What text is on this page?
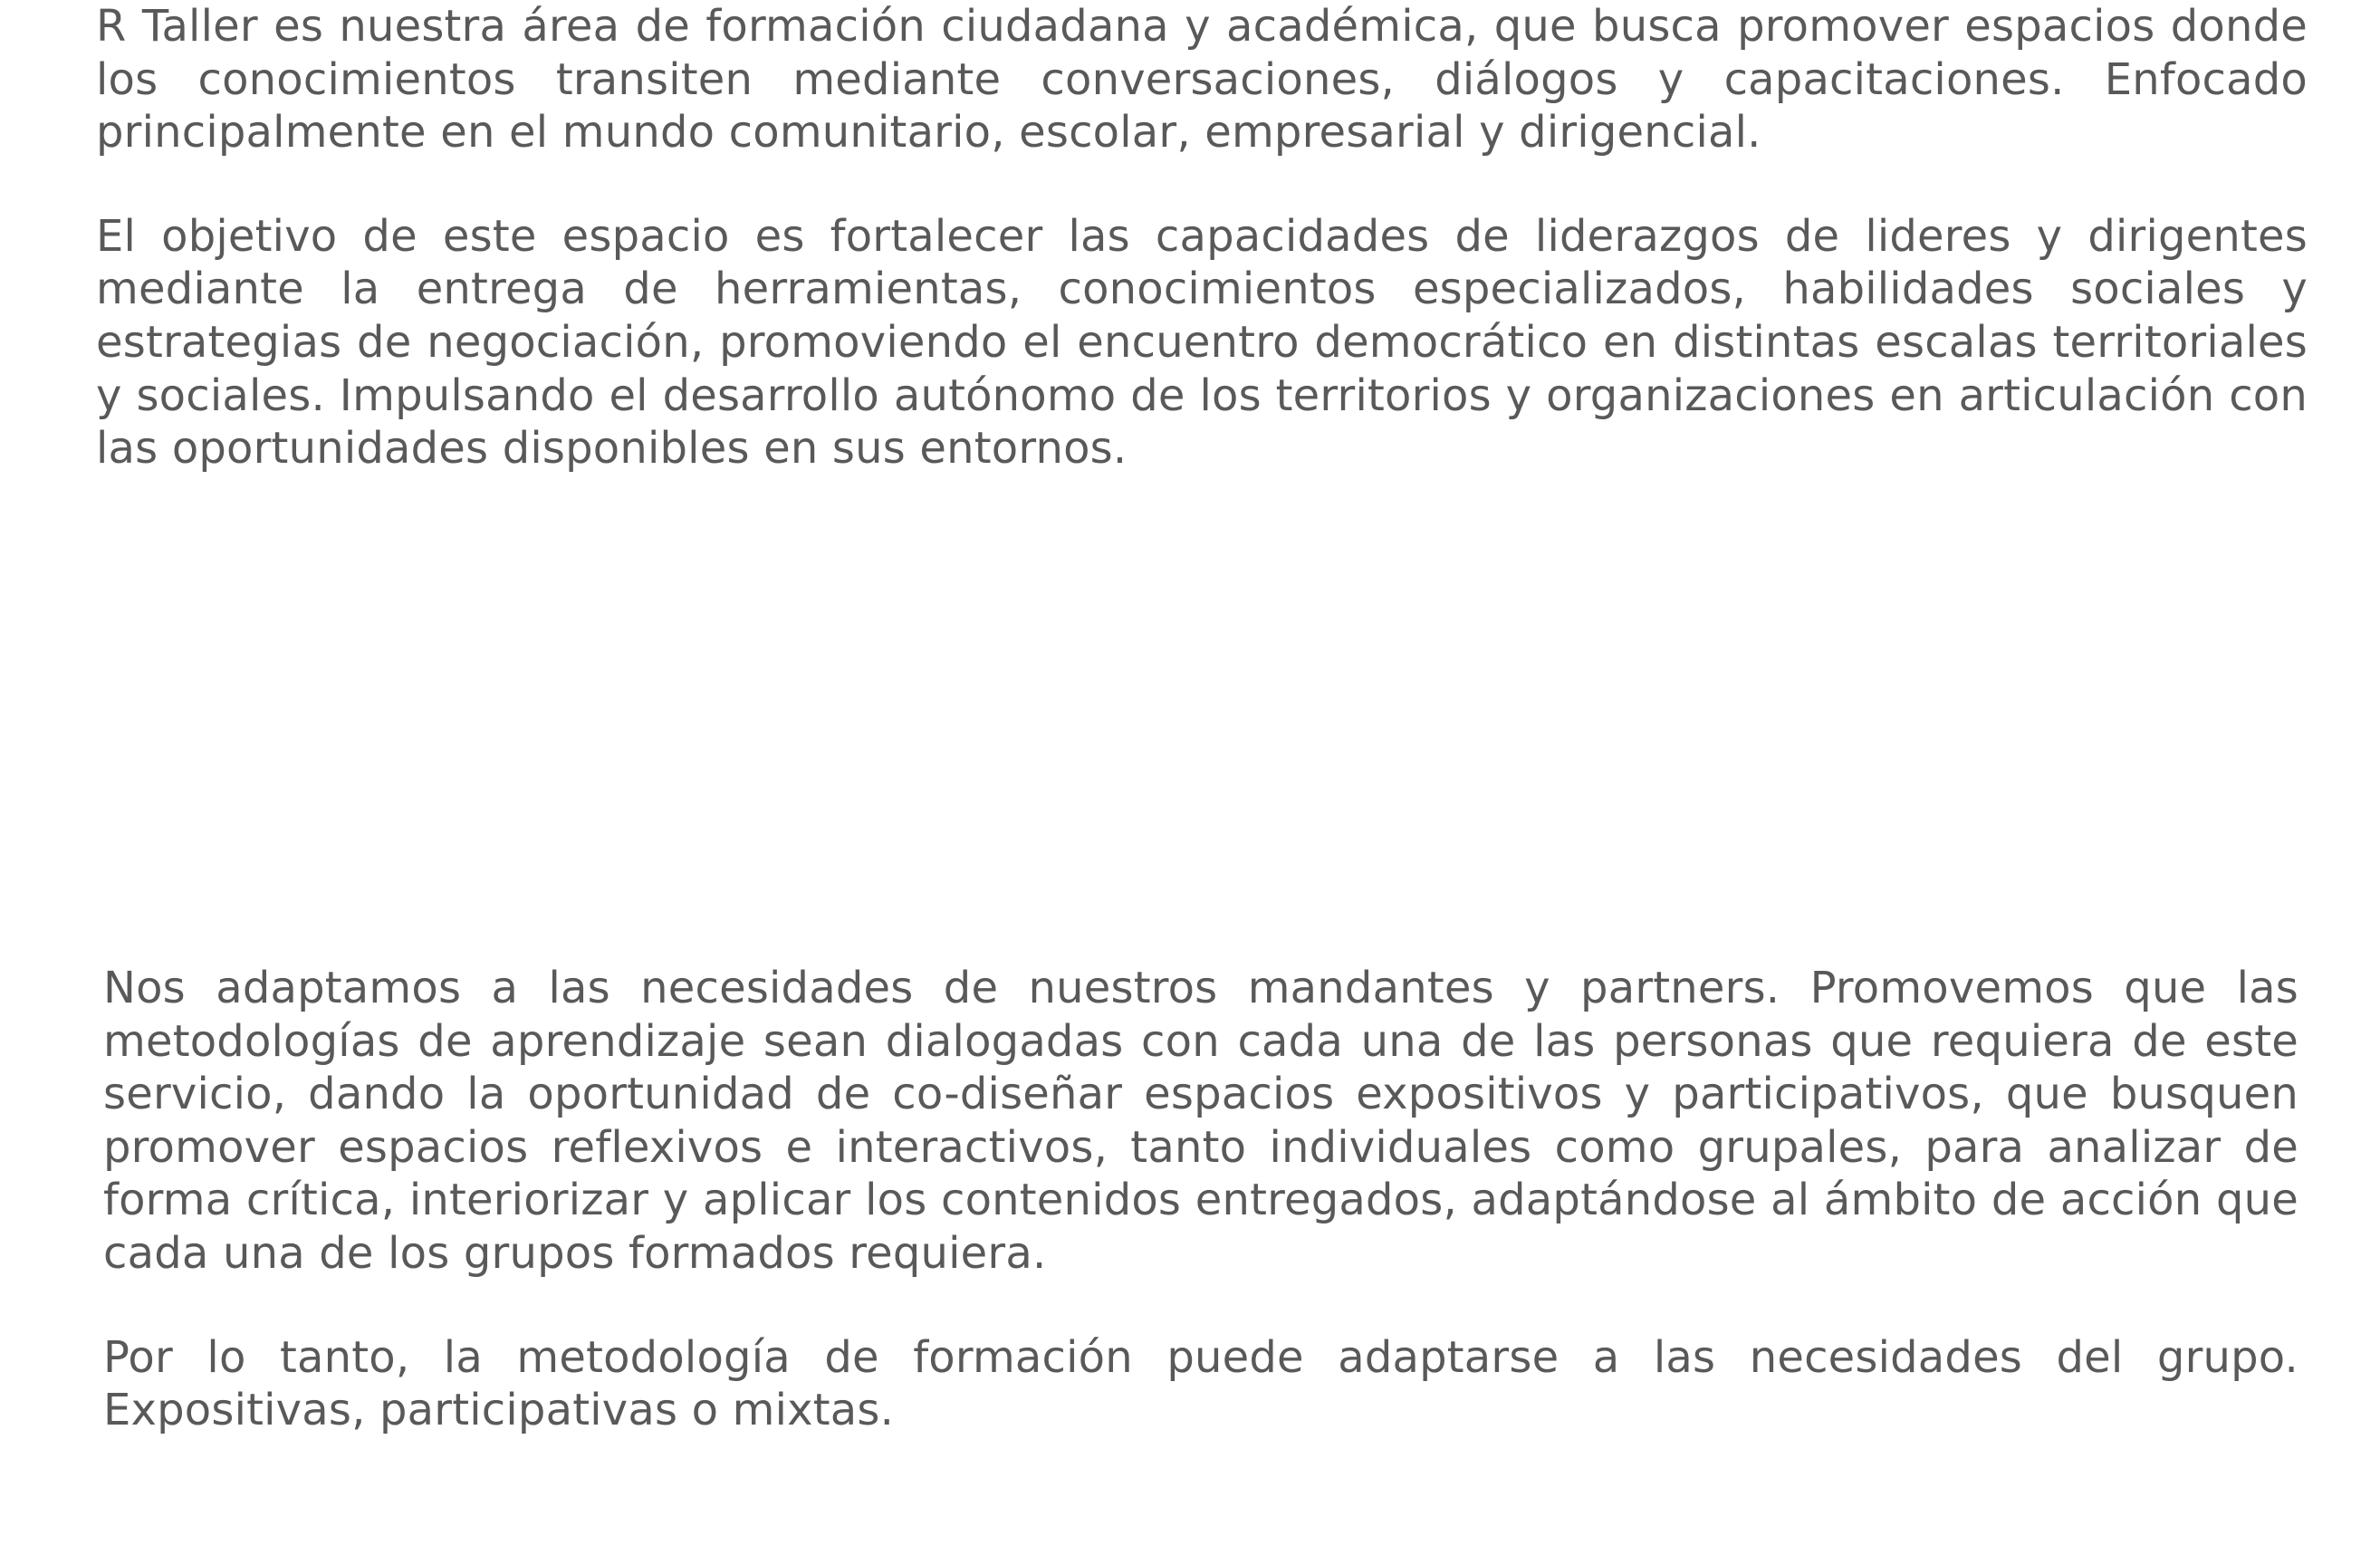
R Taller es nuestra área de formación ciudadana y académica, que busca promover espacios donde los conocimientos transiten mediante conversaciones, diálogos y capacitaciones. Enfocado principalmente en el mundo comunitario, escolar, empresarial y dirigencial.

El objetivo de este espacio es fortalecer las capacidades de liderazgos de lideres y dirigentes mediante la entrega de herramientas, conocimientos especializados, habilidades sociales y estrategias de negociación, promoviendo el encuentro democrático en distintas escalas territoriales y sociales. Impulsando el desarrollo autónomo de los territorios y organizaciones en articulación con las oportunidades disponibles en sus entornos.

Nos adaptamos a las necesidades de nuestros mandantes y partners. Promovemos que las metodologías de aprendizaje sean dialogadas con cada una de las personas que requiera de este servicio, dando la oportunidad de co-diseñar espacios expositivos y participativos, que busquen promover espacios reflexivos e interactivos, tanto individuales como grupales, para analizar de forma crítica, interiorizar y aplicar los contenidos entregados, adaptándose al ámbito de acción que cada una de los grupos formados requiera.

Por lo tanto, la metodología de formación puede adaptarse a las necesidades del grupo. Expositivas, participativas o mixtas.
